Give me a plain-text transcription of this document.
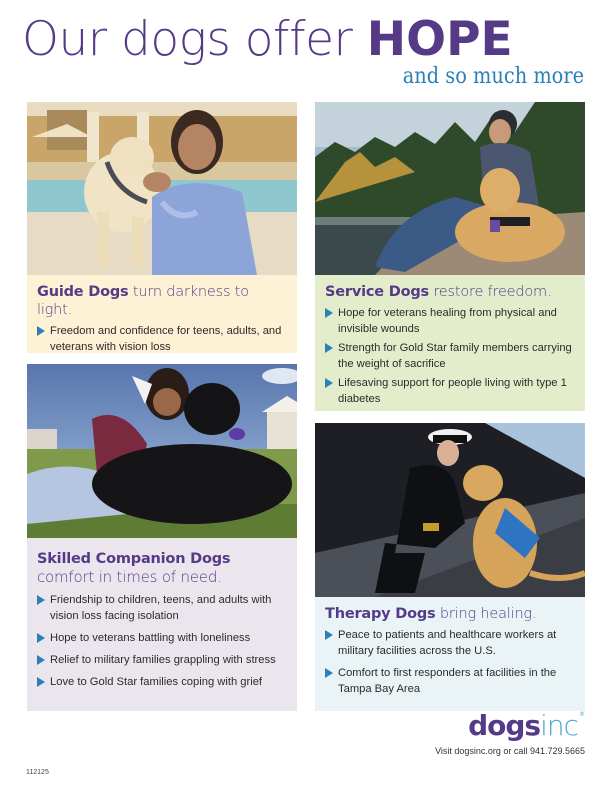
Our dogs offer HOPE
and so much more
Guide Dogs turn darkness to light.
Freedom and confidence for teens, adults, and veterans with vision loss
Service Dogs restore freedom.
Hope for veterans healing from physical and invisible wounds
Strength for Gold Star family members carrying the weight of sacrifice
Lifesaving support for people living with type 1 diabetes
Skilled Companion Dogs
comfort in times of need.
Friendship to children, teens, and adults with vision loss facing isolation
Hope to veterans battling with loneliness
Relief to military families grappling with stress
Love to Gold Star families coping with grief
Therapy Dogs bring healing.
Peace to patients and healthcare workers at military facilities across the U.S.
Comfort to first responders at facilities in the Tampa Bay Area
dogsinc®
Visit dogsinc.org or call 941.729.5665
112125
